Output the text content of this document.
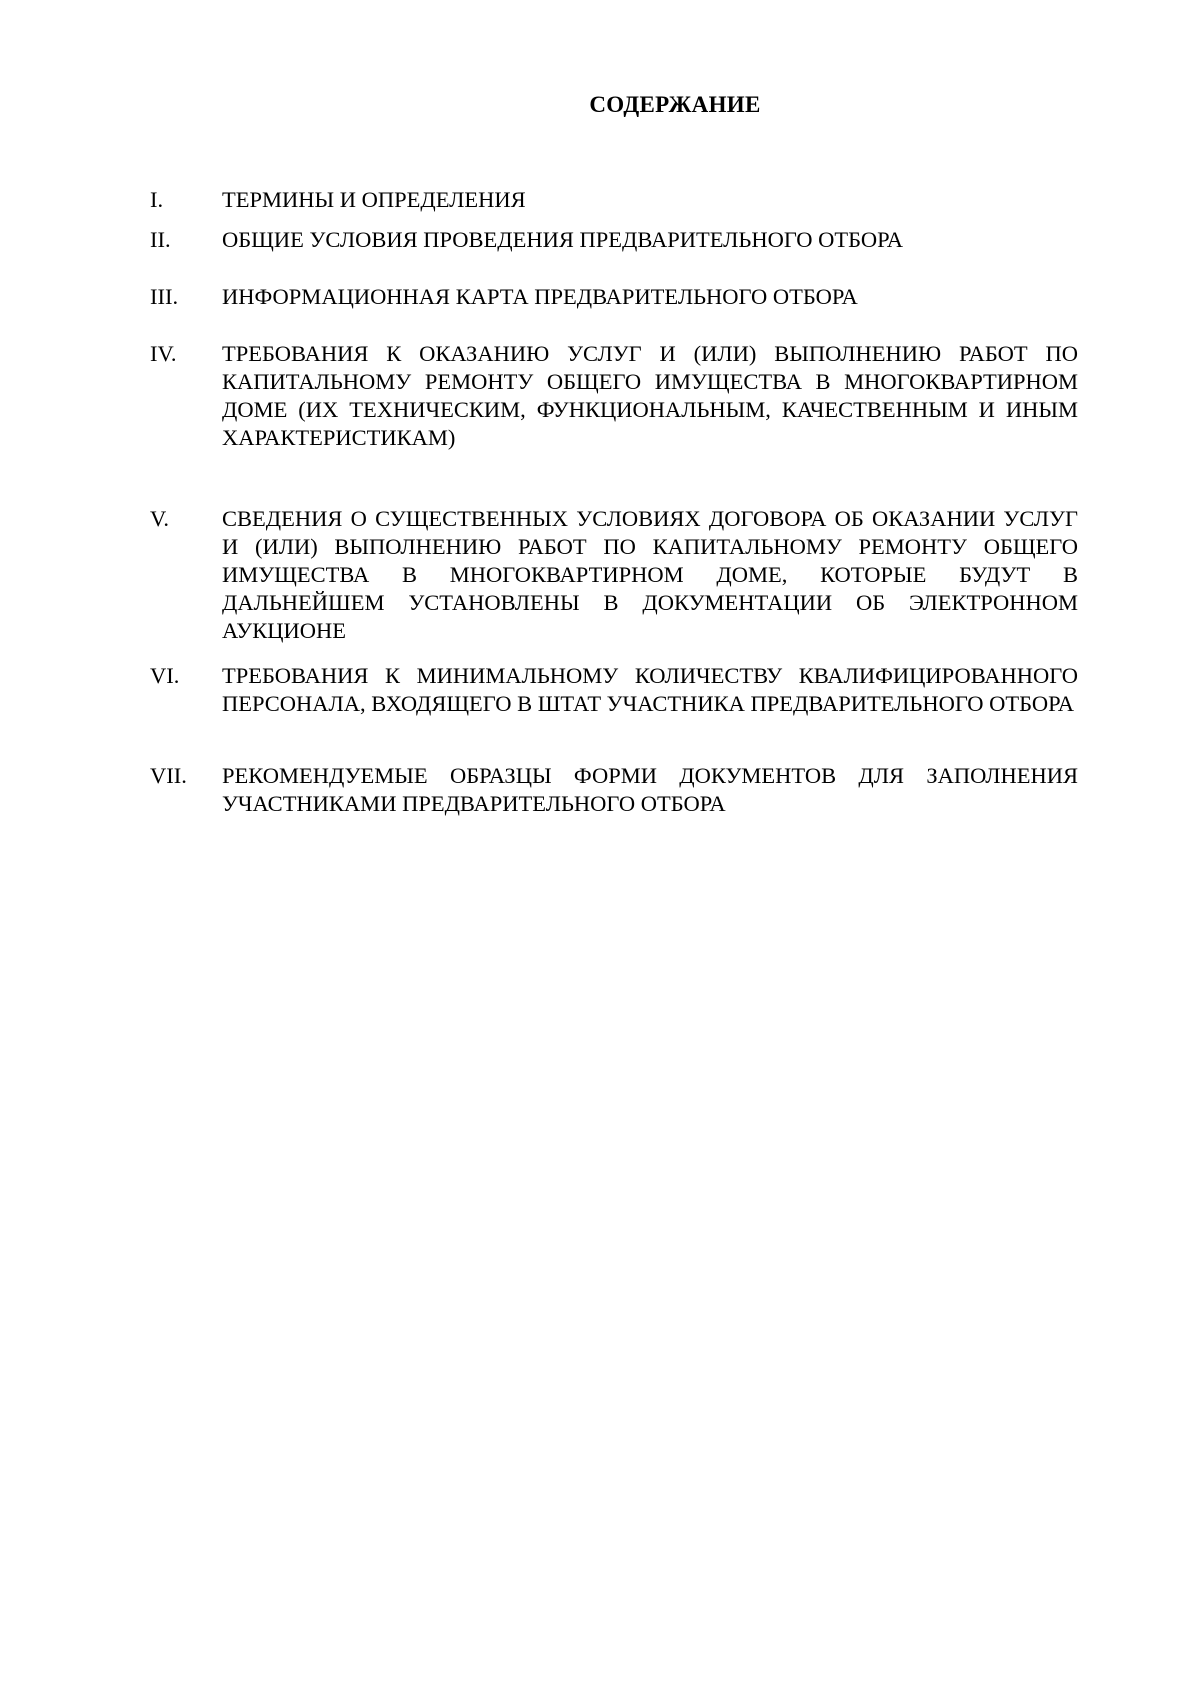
СОДЕРЖАНИЕ
I.	ТЕРМИНЫ И ОПРЕДЕЛЕНИЯ
II.	ОБЩИЕ УСЛОВИЯ ПРОВЕДЕНИЯ ПРЕДВАРИТЕЛЬНОГО ОТБОРА
III.	ИНФОРМАЦИОННАЯ КАРТА ПРЕДВАРИТЕЛЬНОГО ОТБОРА
IV.	ТРЕБОВАНИЯ К ОКАЗАНИЮ УСЛУГ И (ИЛИ) ВЫПОЛНЕНИЮ РАБОТ ПО КАПИТАЛЬНОМУ РЕМОНТУ ОБЩЕГО ИМУЩЕСТВА В МНОГОКВАРТИРНОМ ДОМЕ (ИХ ТЕХНИЧЕСКИМ, ФУНКЦИОНАЛЬНЫМ, КАЧЕСТВЕННЫМ И ИНЫМ ХАРАКТЕРИСТИКАМ)
V.	СВЕДЕНИЯ О СУЩЕСТВЕННЫХ УСЛОВИЯХ ДОГОВОРА ОБ ОКАЗАНИИ УСЛУГ И (ИЛИ) ВЫПОЛНЕНИЮ РАБОТ ПО КАПИТАЛЬНОМУ РЕМОНТУ ОБЩЕГО ИМУЩЕСТВА В МНОГОКВАРТИРНОМ ДОМЕ, КОТОРЫЕ БУДУТ В ДАЛЬНЕЙШЕМ УСТАНОВЛЕНЫ В ДОКУМЕНТАЦИИ ОБ ЭЛЕКТРОННОМ АУКЦИОНЕ
VI.	ТРЕБОВАНИЯ К МИНИМАЛЬНОМУ КОЛИЧЕСТВУ КВАЛИФИЦИРОВАННОГО ПЕРСОНАЛА, ВХОДЯЩЕГО В ШТАТ УЧАСТНИКА ПРЕДВАРИТЕЛЬНОГО ОТБОРА
VII.	РЕКОМЕНДУЕМЫЕ ОБРАЗЦЫ ФОРМИ ДОКУМЕНТОВ ДЛЯ ЗАПОЛНЕНИЯ УЧАСТНИКАМИ ПРЕДВАРИТЕЛЬНОГО ОТБОРА
